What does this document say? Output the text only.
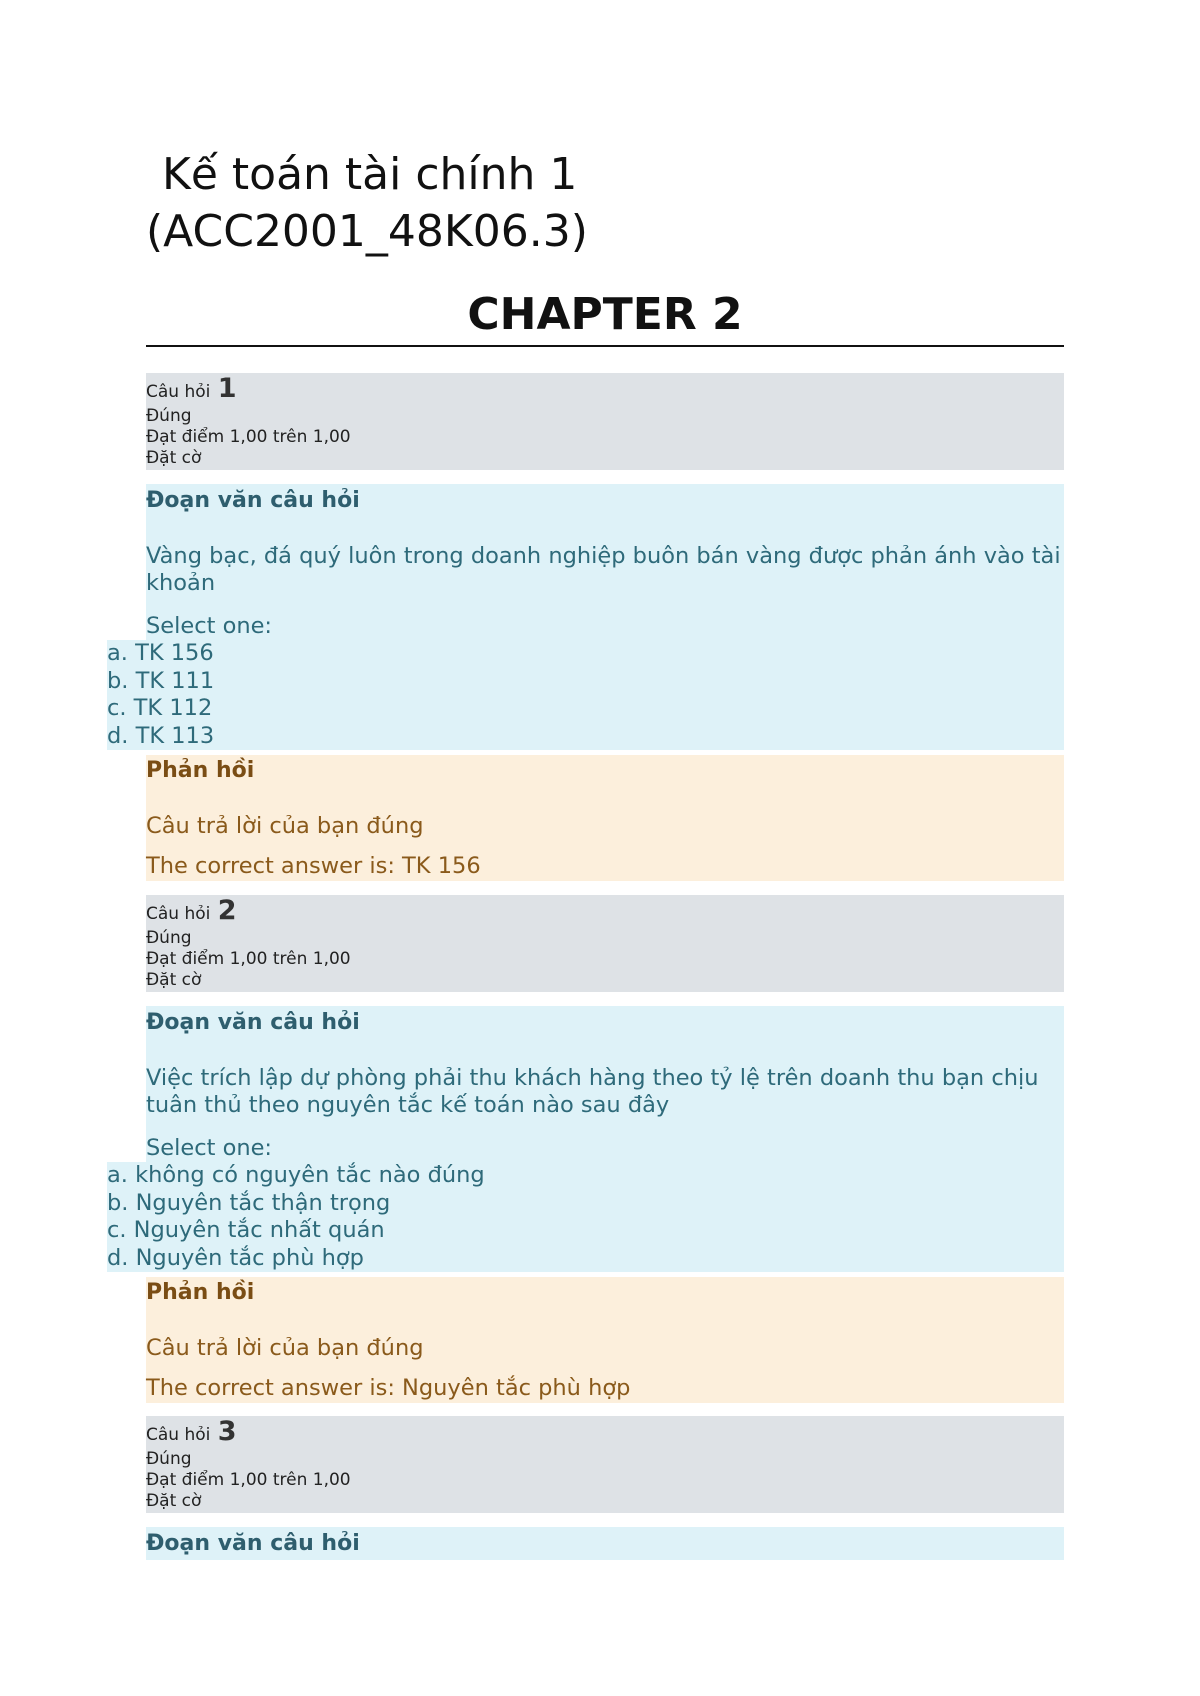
Kế toán tài chính 1
(ACC2001_48K06.3)
CHAPTER 2
Câu hỏi 1
Đúng
Đạt điểm 1,00 trên 1,00
Đặt cờ
Đoạn văn câu hỏi
Vàng bạc, đá quý luôn trong doanh nghiệp buôn bán vàng được phản ánh vào tài khoản
Select one:
a. TK 156
b. TK 111
c. TK 112
d. TK 113
Phản hồi
Câu trả lời của bạn đúng
The correct answer is: TK 156
Câu hỏi 2
Đúng
Đạt điểm 1,00 trên 1,00
Đặt cờ
Đoạn văn câu hỏi
Việc trích lập dự phòng phải thu khách hàng theo tỷ lệ trên doanh thu bạn chịu tuân thủ theo nguyên tắc kế toán nào sau đây
Select one:
a. không có nguyên tắc nào đúng
b. Nguyên tắc thận trọng
c. Nguyên tắc nhất quán
d. Nguyên tắc phù hợp
Phản hồi
Câu trả lời của bạn đúng
The correct answer is: Nguyên tắc phù hợp
Câu hỏi 3
Đúng
Đạt điểm 1,00 trên 1,00
Đặt cờ
Đoạn văn câu hỏi
